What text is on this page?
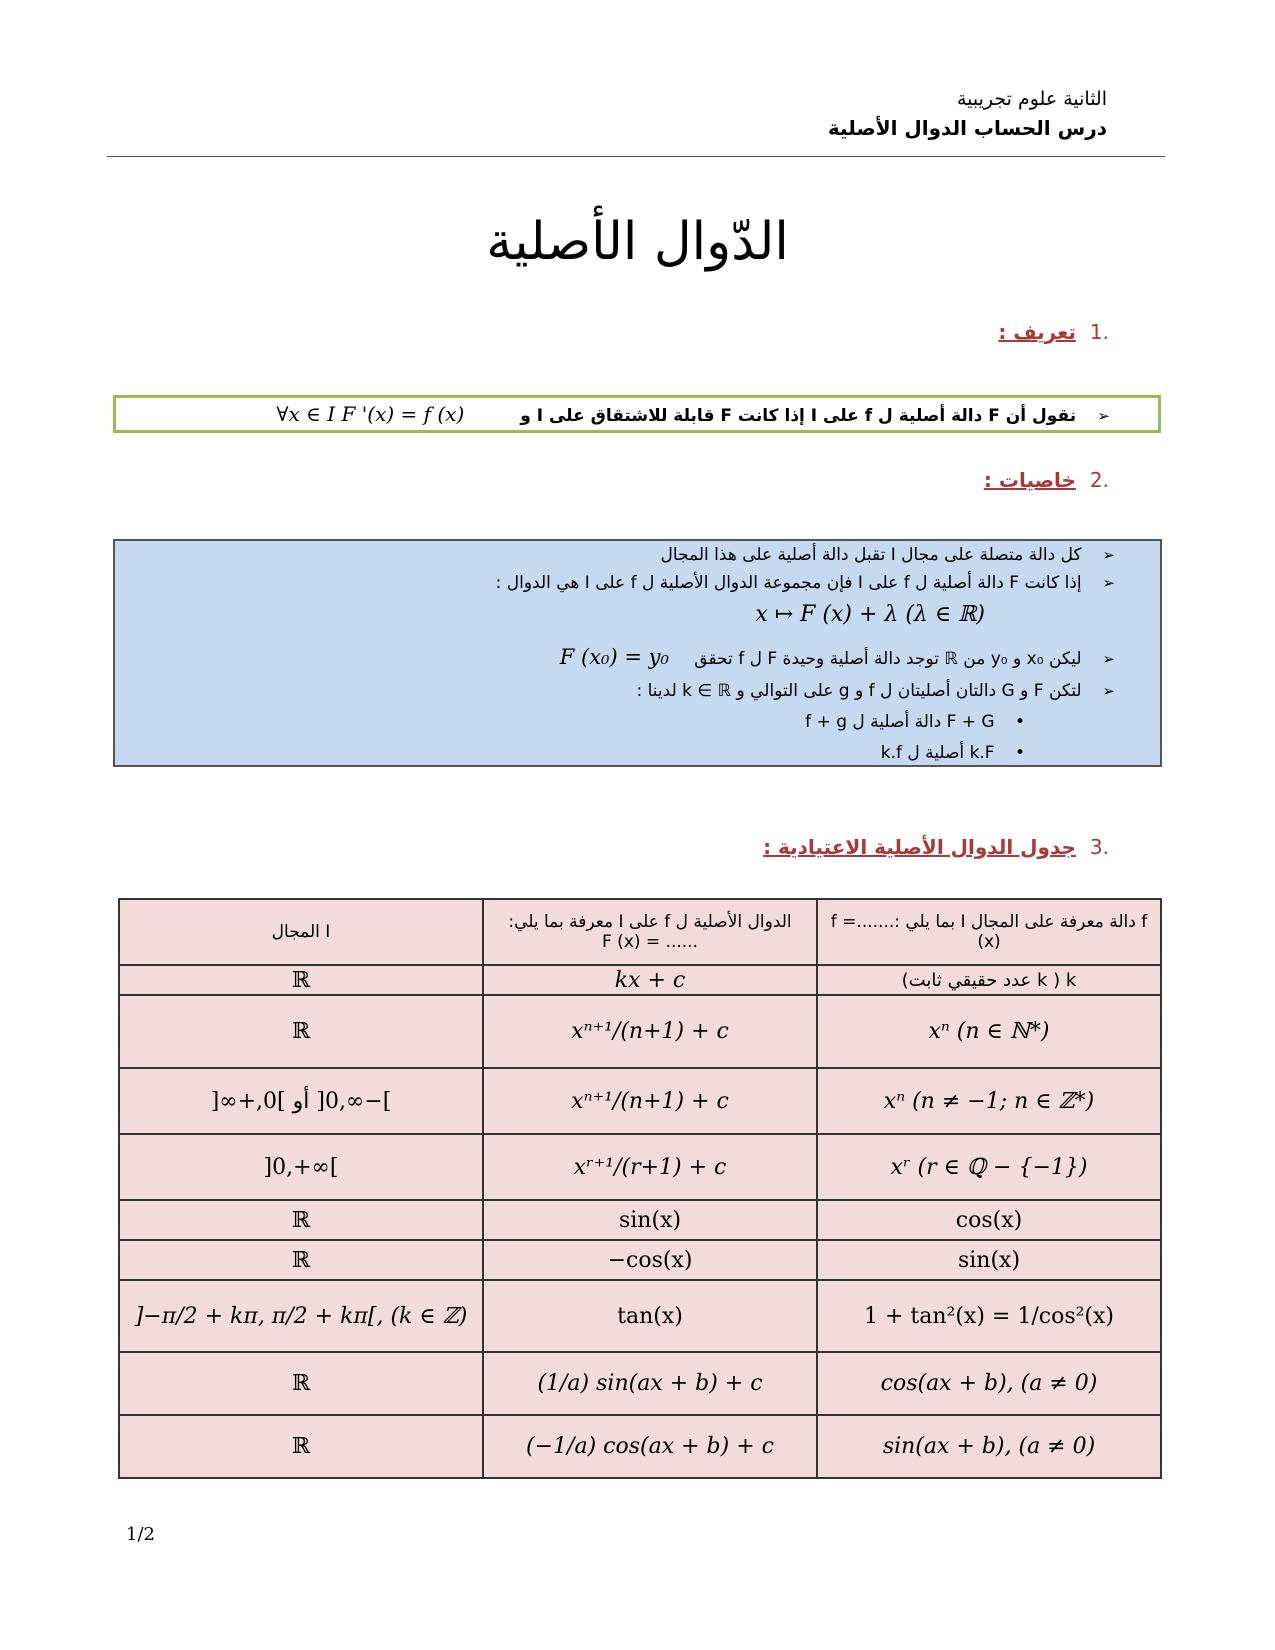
الثانية علوم تجريبية
درس الحساب الدوال الأصلية
الدّوال الأصلية
.1تعريف :
➢ نقول أن F دالة أصلية ل f على I إذا كانت F قابلة للاشتقاق على I و ∀x ∈ I F '(x) = f (x)
.2خاصيات :
➢ كل دالة متصلة على مجال I تقبل دالة أصلية على هذا المجال
➢ إذا كانت F دالة أصلية ل f على I فإن مجموعة الدوال الأصلية ل f على I هي الدوال :
x ↦ F (x) + λ (λ ∈ ℝ)
➢ ليكن x₀ و y₀ من ℝ توجد دالة أصلية وحيدة F ل f تحقق F (x₀) = y₀
➢ لتكن F و G دالتان أصليتان ل f و g على التوالي و k ∈ ℝ لدينا :
• F + G دالة أصلية ل f + g
• k.F أصلية ل k.f
.3جدول الدوال الأصلية الاعتيادية :
المجال I	الدوال الأصلية ل f على I معرفة بما يلي: ...... = F (x)	f دالة معرفة على المجال I بما يلي :.......= f (x)
ℝ	kx + c	k ( k عدد حقيقي ثابت)
ℝ	xⁿ⁺¹/(n+1) + c	xⁿ (n ∈ ℕ*)
]−∞,0[ أو ]0,+∞[	xⁿ⁺¹/(n+1) + c	xⁿ (n ≠ −1; n ∈ ℤ*)
]0,+∞[	xʳ⁺¹/(r+1) + c	xʳ (r ∈ ℚ − {−1})
ℝ	sin(x)	cos(x)
ℝ	−cos(x)	sin(x)
]−π/2 + kπ, π/2 + kπ[, (k ∈ ℤ)	tan(x)	1 + tan²(x) = 1/cos²(x)
ℝ	(1/a) sin(ax + b) + c	cos(ax + b), (a ≠ 0)
ℝ	(−1/a) cos(ax + b) + c	sin(ax + b), (a ≠ 0)
1/2
